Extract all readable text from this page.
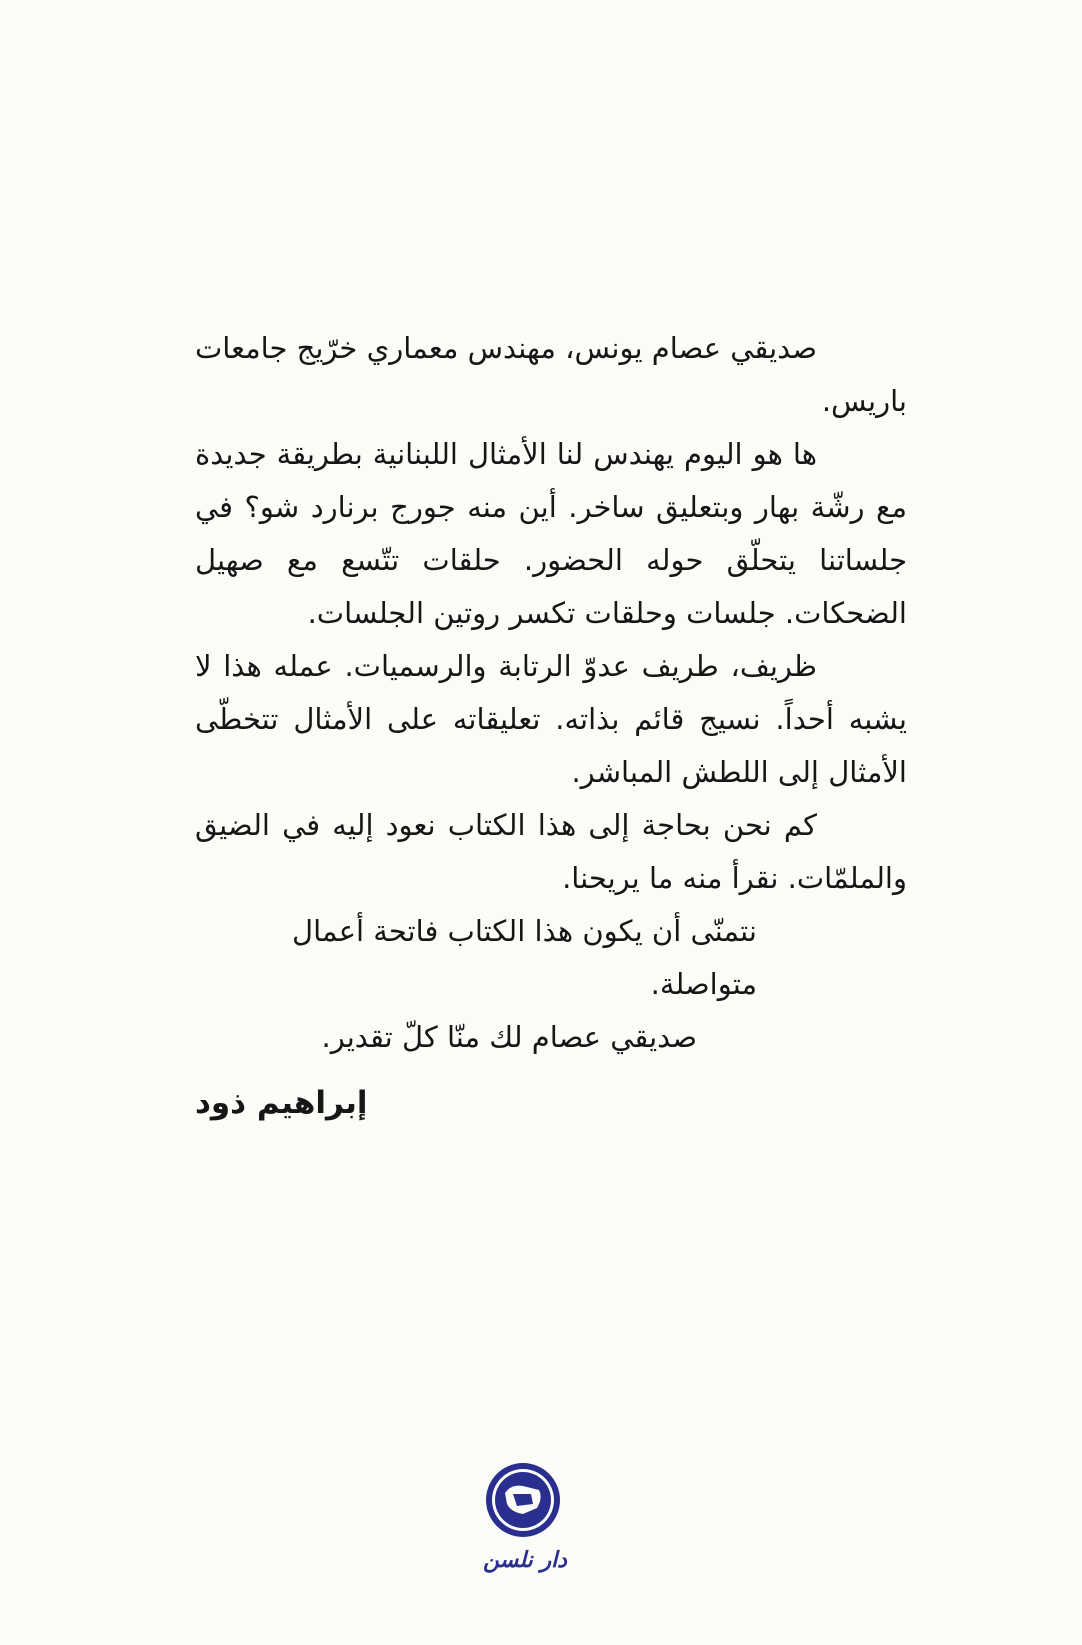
صديقي عصام يونس، مهندس معماري خرّيج جامعات باريس.

ها هو اليوم يهندس لنا الأمثال اللبنانية بطريقة جديدة مع رشّة بهار وبتعليق ساخر. أين منه جورج برنارد شو؟ في جلساتنا يتحلّق حوله الحضور. حلقات تتّسع مع صهيل الضحكات. جلسات وحلقات تكسر روتين الجلسات.

ظريف، طريف عدوّ الرتابة والرسميات. عمله هذا لا يشبه أحداً. نسيج قائم بذاته. تعليقاته على الأمثال تتخطّى الأمثال إلى اللطش المباشر.

كم نحن بحاجة إلى هذا الكتاب نعود إليه في الضيق والملمّات. نقرأ منه ما يريحنا.

نتمنّى أن يكون هذا الكتاب فاتحة أعمال متواصلة.

صديقي عصام لك منّا كلّ تقدير.

إبراهيم ذود
دار نلسن
